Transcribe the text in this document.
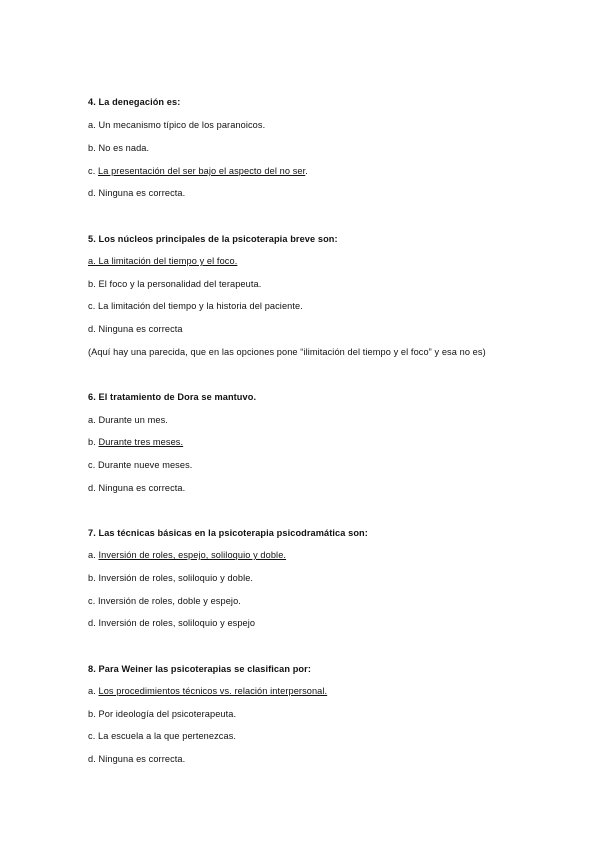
4. La denegación es:
a. Un mecanismo típico de los paranoicos.
b. No es nada.
c. La presentación del ser bajo el aspecto del no ser.
d. Ninguna es correcta.
5. Los núcleos principales de la psicoterapia breve son:
a. La limitación del tiempo y el foco.
b. El foco y la personalidad del terapeuta.
c. La limitación del tiempo y la historia del paciente.
d. Ninguna es correcta
(Aquí hay una parecida, que en las opciones pone “ilimitación del tiempo y el foco” y esa no es)
6. El tratamiento de Dora se mantuvo.
a. Durante un mes.
b. Durante tres meses.
c. Durante nueve meses.
d. Ninguna es correcta.
7. Las técnicas básicas en la psicoterapia psicodramática son:
a. Inversión de roles, espejo, soliloquio y doble.
b. Inversión de roles, soliloquio y doble.
c. Inversión de roles, doble y espejo.
d. Inversión de roles, soliloquio y espejo
8. Para Weiner las psicoterapias se clasifican por:
a. Los procedimientos técnicos vs. relación interpersonal.
b. Por ideología del psicoterapeuta.
c. La escuela a la que pertenezcas.
d. Ninguna es correcta.
